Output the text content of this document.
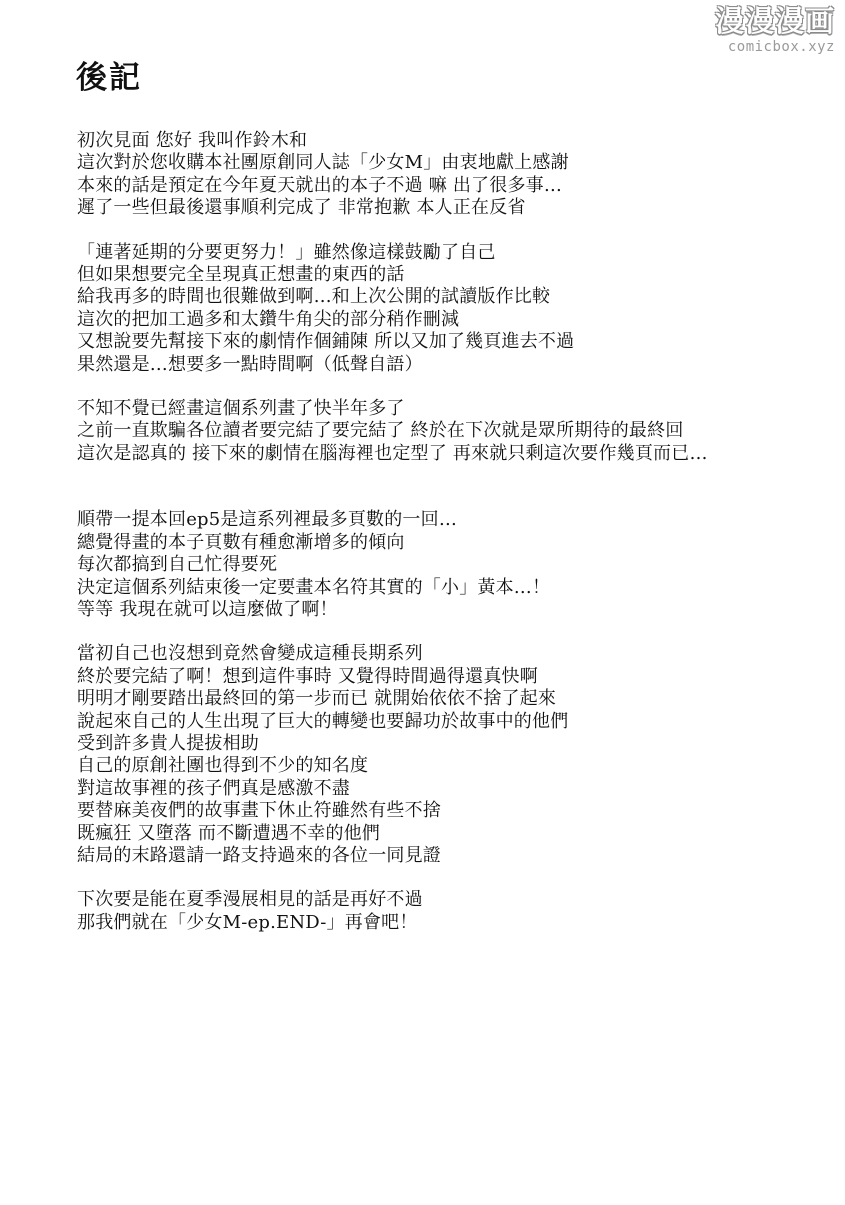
漫漫漫画
comicbox.xyz
後記
初次見面 您好 我叫作鈴木和
這次對於您收購本社團原創同人誌「少女M」由衷地獻上感謝
本來的話是預定在今年夏天就出的本子不過 嘛 出了很多事…
遲了一些但最後還事順利完成了 非常抱歉 本人正在反省
「連著延期的分要更努力！」雖然像這樣鼓勵了自己
但如果想要完全呈現真正想畫的東西的話
給我再多的時間也很難做到啊…和上次公開的試讀版作比較
這次的把加工過多和太鑽牛角尖的部分稍作刪減
又想說要先幫接下來的劇情作個鋪陳 所以又加了幾頁進去不過
果然還是…想要多一點時間啊（低聲自語）
不知不覺已經畫這個系列畫了快半年多了
之前一直欺騙各位讀者要完結了要完結了 終於在下次就是眾所期待的最終回
這次是認真的 接下來的劇情在腦海裡也定型了 再來就只剩這次要作幾頁而已…
順帶一提本回ep5是這系列裡最多頁數的一回…
總覺得畫的本子頁數有種愈漸增多的傾向
每次都搞到自己忙得要死
決定這個系列結束後一定要畫本名符其實的「小」黃本…！
等等 我現在就可以這麼做了啊！
當初自己也沒想到竟然會變成這種長期系列
終於要完結了啊！想到這件事時 又覺得時間過得還真快啊
明明才剛要踏出最終回的第一步而已 就開始依依不捨了起來
說起來自己的人生出現了巨大的轉變也要歸功於故事中的他們
受到許多貴人提拔相助
自己的原創社團也得到不少的知名度
對這故事裡的孩子們真是感激不盡
要替麻美夜們的故事畫下休止符雖然有些不捨
既瘋狂 又墮落 而不斷遭遇不幸的他們
結局的末路還請一路支持過來的各位一同見證
下次要是能在夏季漫展相見的話是再好不過
那我們就在「少女M-ep.END-」再會吧！
